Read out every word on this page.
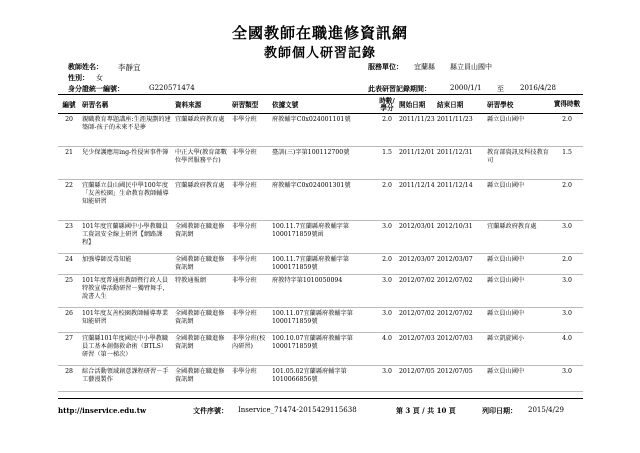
全國教師在職進修資訊網
教師個人研習記錄
教師姓名： 李靜宜
性別： 女
身分證統一編號：	G220571474
服務單位： 宜蘭縣 縣立員山國中
此表研習記錄期間：	2000/1/1 至 2016/4/28
編號	研習名稱	資料來源	研習類型	依據文號	時數/學分	開始日期	結束日期	研習學校	實得時數
20	親職教育專題講座:生涯規劃的建築師-孩子的未來不是夢	宜蘭縣政府教育處	非學分班	府教輔字C0x024001101號	2.0	2011/11/23	2011/11/23	縣立員山國中	2.0
21	兒少保護應用ing-性侵害事件簿	中正大學(教育部數位學習服務平台)	非學分班	臺訓(三)字第100112700號	1.5	2011/12/01	2011/12/31	教育部資訊及科技教育司	1.5
22	宜蘭縣立員山國民中學100年度「友善校園」生命教育教師輔導知能研習	宜蘭縣政府教育處	非學分班	府教輔字C0x024001301號	2.0	2011/12/14	2011/12/14	縣立員山國中	2.0
23	101年度宜蘭縣國中小學教職員工資訊安全線上研習【網路課程】	全國教師在職進修資訊網	非學分班	100.11.7宜蘭縣府教輔字第1000171859號函	3.0	2012/03/01	2012/10/31	宜蘭縣政府教育處	3.0
24	加強導師反毒知能	全國教師在職進修資訊網	非學分班	100.11.7宜蘭縣府教輔字第1000171859號	2.0	2012/03/07	2012/03/07	縣立員山國中	2.0
25	101年度普通班教師暨行政人員特教宣導活動研習－獨臂舞手，說書人生	特教通報網	非學分班	府教特字第1010050094	3.0	2012/07/02	2012/07/02	縣立員山國中	3.0
26	101年度友善校園教師輔導專業知能研習	全國教師在職進修資訊網	非學分班	100.11.07宜蘭縣府教輔字第1000171859號	3.0	2012/07/02	2012/07/02	縣立員山國中	3.0
27	宜蘭縣101年度國民中小學教職員工基本創傷救命術（BTLS）研習（第一梯次）	全國教師在職進修資訊網	非學分班(校內研習)	100.10.07宜蘭縣府教輔字第1000171859號	4.0	2012/07/03	2012/07/03	縣立凱旋國小	4.0
28	綜合活動領域創意課程研習－手工藝漫製作	全國教師在職進修資訊網	非學分班	101.05.02宜蘭縣府輔字第1010066856號	3.0	2012/07/05	2012/07/05	縣立員山國中	3.0
http://inservice.edu.tw	文件序號： Inservice_71474-2015429115638	第 3 頁 / 共 10 頁	列印日期： 2015/4/29
